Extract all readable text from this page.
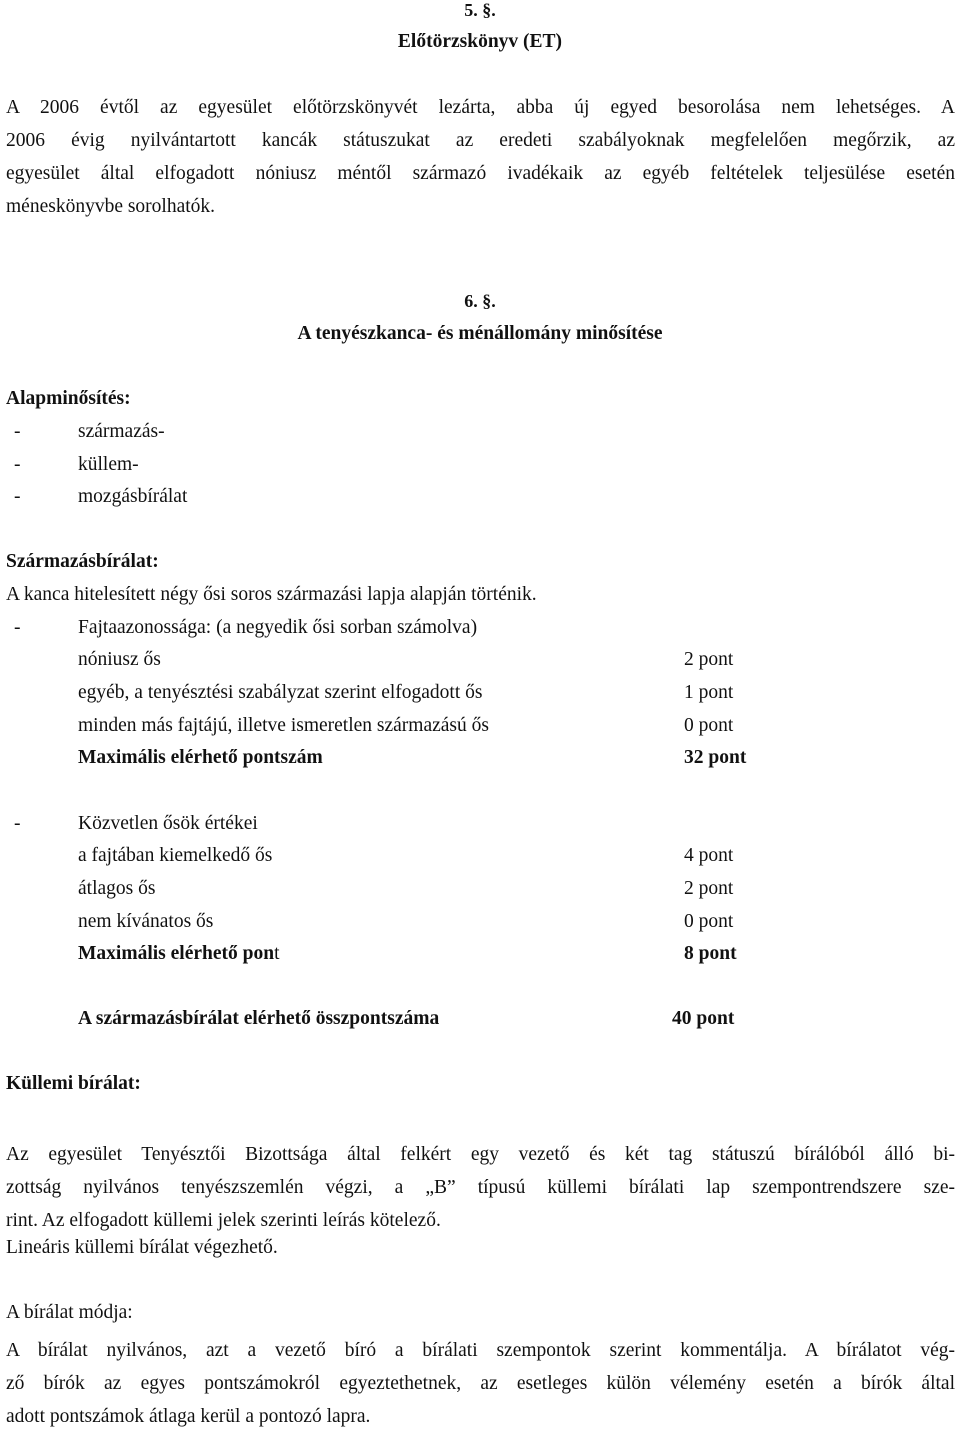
5. §.
Előtörzskönyv (ET)
A 2006 évtől az egyesület előtörzskönyvét lezárta, abba új egyed besorolása nem lehetséges. A
2006 évig nyilvántartott kancák státuszukat az eredeti szabályoknak megfelelően megőrzik, az
egyesület által elfogadott nóniusz méntől származó ivadékaik az egyéb feltételek teljesülése esetén
méneskönyvbe sorolhatók.
6. §.
A tenyészkanca- és ménállomány minősítése
Alapminősítés:
-	származás-
-	küllem-
-	mozgásbírálat
Származásbírálat:
A kanca hitelesített négy ősi soros származási lapja alapján történik.
-	Fajtaazonossága: (a negyedik ősi sorban számolva)
nóniusz ős	2 pont
egyéb, a tenyésztési szabályzat szerint elfogadott ős	1 pont
minden más fajtájú, illetve ismeretlen származású ős	0 pont
Maximális elérhető pontszám	32 pont
-	Közvetlen ősök értékei
a fajtában kiemelkedő ős	4 pont
átlagos ős	2 pont
nem kívánatos ős	0 pont
Maximális elérhető pont	8 pont
A származásbírálat elérhető összpontszáma	40 pont
Küllemi bírálat:
Az egyesület Tenyésztői Bizottsága által felkért egy vezető és két tag státuszú bírálóból álló bi-
zottság nyilvános tenyészszemlén végzi, a „B” típusú küllemi bírálati lap szempontrendszere sze-
rint. Az elfogadott küllemi jelek szerinti leírás kötelező.
Lineáris küllemi bírálat végezhető.
A bírálat módja:
A bírálat nyilvános, azt a vezető bíró a bírálati szempontok szerint kommentálja. A bírálatot vég-
ző bírók az egyes pontszámokról egyeztethetnek, az esetleges külön vélemény esetén a bírók által
adott pontszámok átlaga kerül a pontozó lapra.
